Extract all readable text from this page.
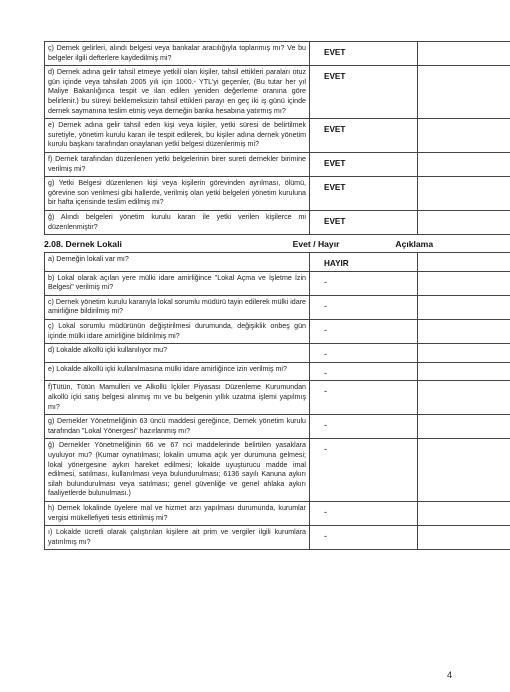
ç) Dernek gelirleri, alındı belgesi veya bankalar aracılığıyla toplanmış mı? Ve bu belgeler ilgili defterlere kaydedilmiş mi?	EVET	
d) Dernek adına gelir tahsil etmeye yetkili olan kişiler, tahsil ettikleri paraları otuz gün içinde veya tahsilatı 2005 yılı için 1000.- YTL'yi geçenler, (Bu tutar her yıl Maliye Bakanlığınca tespit ve ilan edilen yeniden değerleme oranına göre belirlenir.) bu süreyi beklemeksizin tahsil ettikleri parayı en geç iki iş günü içinde dernek saymanına teslim etmiş veya derneğin banka hesabına yatırmış mı?	EVET	
e) Dernek adına gelir tahsil eden kişi veya kişiler, yetki süresi de belirtilmek suretiyle, yönetim kurulu kararı ile tespit edilerek, bu kişiler adına dernek yönetim kurulu başkanı tarafından onaylanan yetki belgesi düzenlenmiş mi?	EVET	
f) Dernek tarafından düzenlenen yetki belgelerinin birer sureti dernekler birimine verilmiş mi?	EVET	
g) Yetki Belgesi düzenlenen kişi veya kişilerin görevinden ayrılması, ölümü, görevine son verilmesi gibi hallerde, verilmiş olan yetki belgeleri yönetim kuruluna bir hafta içerisinde teslim edilmiş mi?	EVET	
ğ) Alındı belgeleri yönetim kurulu kararı ile yetki verilen kişilerce mi düzenlenmiştir?	EVET	
2.08. Dernek Lokali	Evet / Hayır	Açıklama
a) Derneğin lokali var mı?	HAYIR	
b) Lokal olarak açılan yere mülki idare amirliğince "Lokal Açma ve İşletme İzin Belgesi" verilmiş mi?	-	
c) Dernek yönetim kurulu kararıyla lokal sorumlu müdürü tayin edilerek mülki idare amirliğine bildirilmiş mi?	-	
ç) Lokal sorumlu müdürünün değiştirilmesi durumunda, değişiklik onbeş gün içinde mülki idare amirliğine bildirilmiş mi?	-	
d) Lokalde alkollü içki kullanılıyor mu?	-	
e) Lokalde alkollü içki kullanılmasına mülki idare amirliğince izin verilmiş mi?	-	
f)Tütün, Tütün Mamulleri ve Alkollü İçkiler Piyasası Düzenleme Kurumundan alkollü içki satış belgesi alınmış mı ve bu belgenin yıllık uzatma işlemi yapılmış mı?	-	
g) Dernekler Yönetmeliğinin 63 üncü maddesi gereğince, Dernek yönetim kurulu tarafından "Lokal Yönergesi" hazırlanmış mı?	-	
ğ) Dernekler Yönetmeliğinin 66 ve 67 nci maddelerinde belirtilen yasaklara uyuluyor mu? (Kumar oynatılması; lokalin umuma açık yer durumuna gelmesi; lokal yönergesine aykırı hareket edilmesi; lokalde uyuşturucu madde imal edilmesi, satılması, kullanılması veya bulundurulması; 6136 sayılı Kanuna aykırı silah bulundurulması veya satılması; genel güvenliğe ve genel ahlaka aykırı faaliyetlerde bulunulması.)	-	
h) Dernek lokalinde üyelere mal ve hizmet arzı yapılması durumunda, kurumlar vergisi mükellefiyeti tesis ettirilmiş mi?	-	
ı) Lokalde ücretli olarak çalıştırılan kişilere ait prim ve vergiler ilgili kurumlara yatırılmış mı?	-	
4
